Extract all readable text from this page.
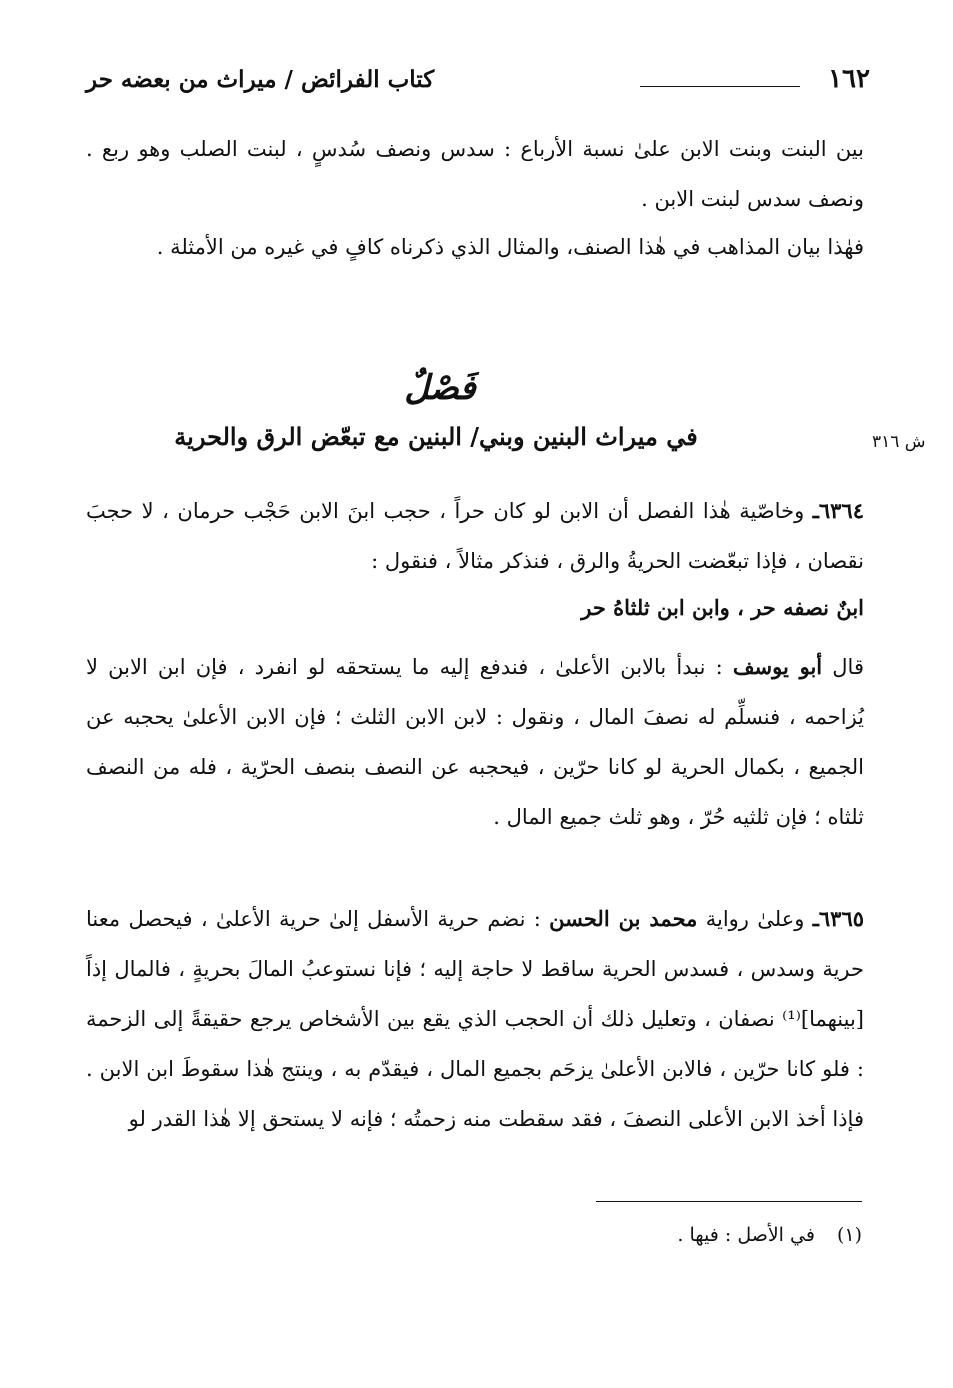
١٦٢
كتاب الفرائض / ميراث من بعضه حر

بين البنت وبنت الابن علىٰ نسبة الأرباع : سدس ونصف سُدسٍ ، لبنت الصلب وهو ربع . ونصف سدس لبنت الابن .

فهٰذا بيان المذاهب في هٰذا الصنف، والمثال الذي ذكرناه كافٍ في غيره من الأمثلة .

فَصْلٌ
في ميراث البنين وبني/ البنين مع تبعّض الرق والحرية	ش ٣١٦

٦٣٦٤ـ وخاصّية هٰذا الفصل أن الابن لو كان حراً ، حجب ابنَ الابن حَجْب حرمان ، لا حجبَ نقصان ، فإذا تبعّضت الحريةُ والرق ، فنذكر مثالاً ، فنقول :

ابنٌ نصفه حر ، وابن ابن ثلثاهُ حر

قال أبو يوسف : نبدأ بالابن الأعلىٰ ، فندفع إليه ما يستحقه لو انفرد ، فإن ابن الابن لا يُزاحمه ، فنسلِّم له نصفَ المال ، ونقول : لابن الابن الثلث ؛ فإن الابن الأعلىٰ يحجبه عن الجميع ، بكمال الحرية لو كانا حرّين ، فيحجبه عن النصف بنصف الحرّية ، فله من النصف ثلثاه ؛ فإن ثلثيه حُرّ ، وهو ثلث جميع المال .

٦٣٦٥ـ وعلىٰ رواية محمد بن الحسن : نضم حرية الأسفل إلىٰ حرية الأعلىٰ ، فيحصل معنا حرية وسدس ، فسدس الحرية ساقط لا حاجة إليه ؛ فإنا نستوعبُ المالَ بحريةٍ ، فالمال إذاً [بينهما]⁽¹⁾ نصفان ، وتعليل ذلك أن الحجب الذي يقع بين الأشخاص يرجع حقيقةً إلى الزحمة : فلو كانا حرّين ، فالابن الأعلىٰ يزحَم بجميع المال ، فيقدّم به ، وينتج هٰذا سقوطَ ابن الابن . فإذا أخذ الابن الأعلى النصفَ ، فقد سقطت منه زحمتُه ؛ فإنه لا يستحق إلا هٰذا القدر لو

(١)في الأصل : فيها .
